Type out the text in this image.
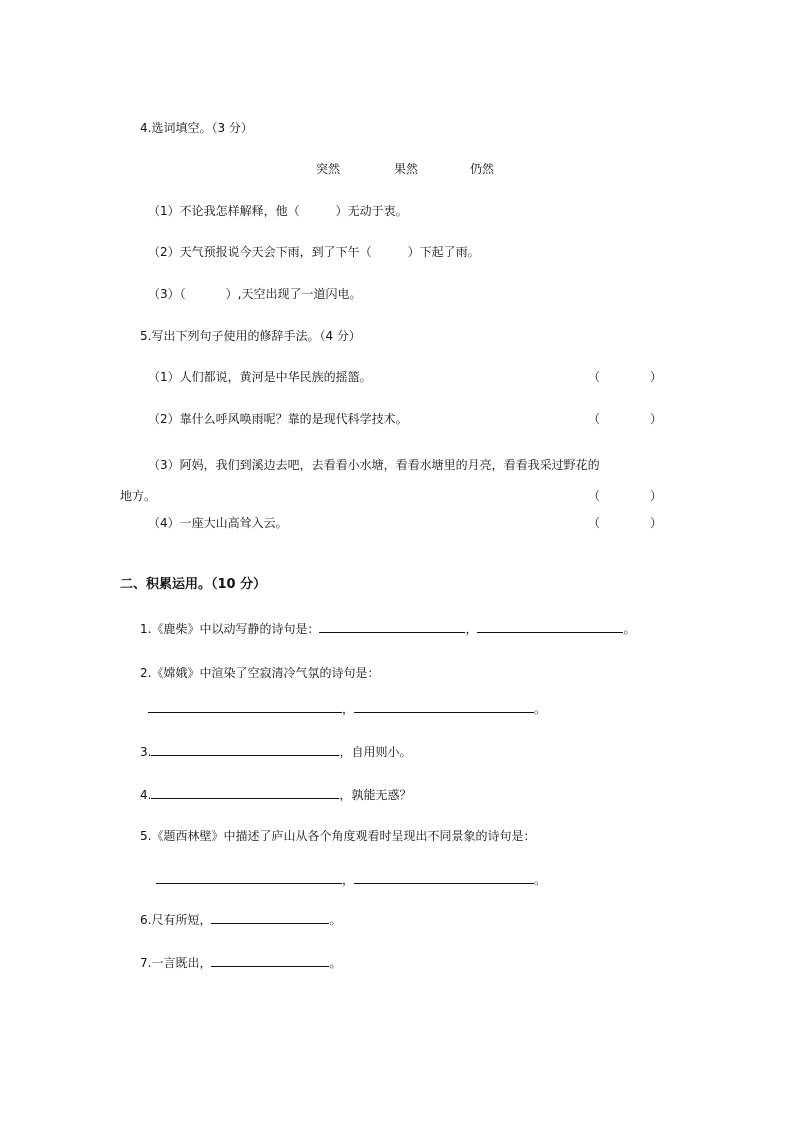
4.选词填空。（3 分）
突然	果然	仍然
（1）不论我怎样解释，他（	）无动于衷。
（2）天气预报说今天会下雨，到了下午（	）下起了雨。
（3）（	）,天空出现了一道闪电。
5.写出下列句子使用的修辞手法。（4 分）
（1）人们都说，黄河是中华民族的摇篮。	（	）
（2）靠什么呼风唤雨呢？靠的是现代科学技术。	（	）
（3）阿妈，我们到溪边去吧，去看看小水塘，看看水塘里的月亮，看看我采过野花的
地方。	（	）
（4）一座大山高耸入云。	（	）
二、积累运用。（10 分）
1.《鹿柴》中以动写静的诗句是：	，	。
2.《嫦娥》中渲染了空寂清冷气氛的诗句是：
，	。
3.	，自用则小。
4.	，孰能无惑？
5.《题西林壁》中描述了庐山从各个角度观看时呈现出不同景象的诗句是：
，	。
6.尺有所短，	。
7.一言既出，	。
